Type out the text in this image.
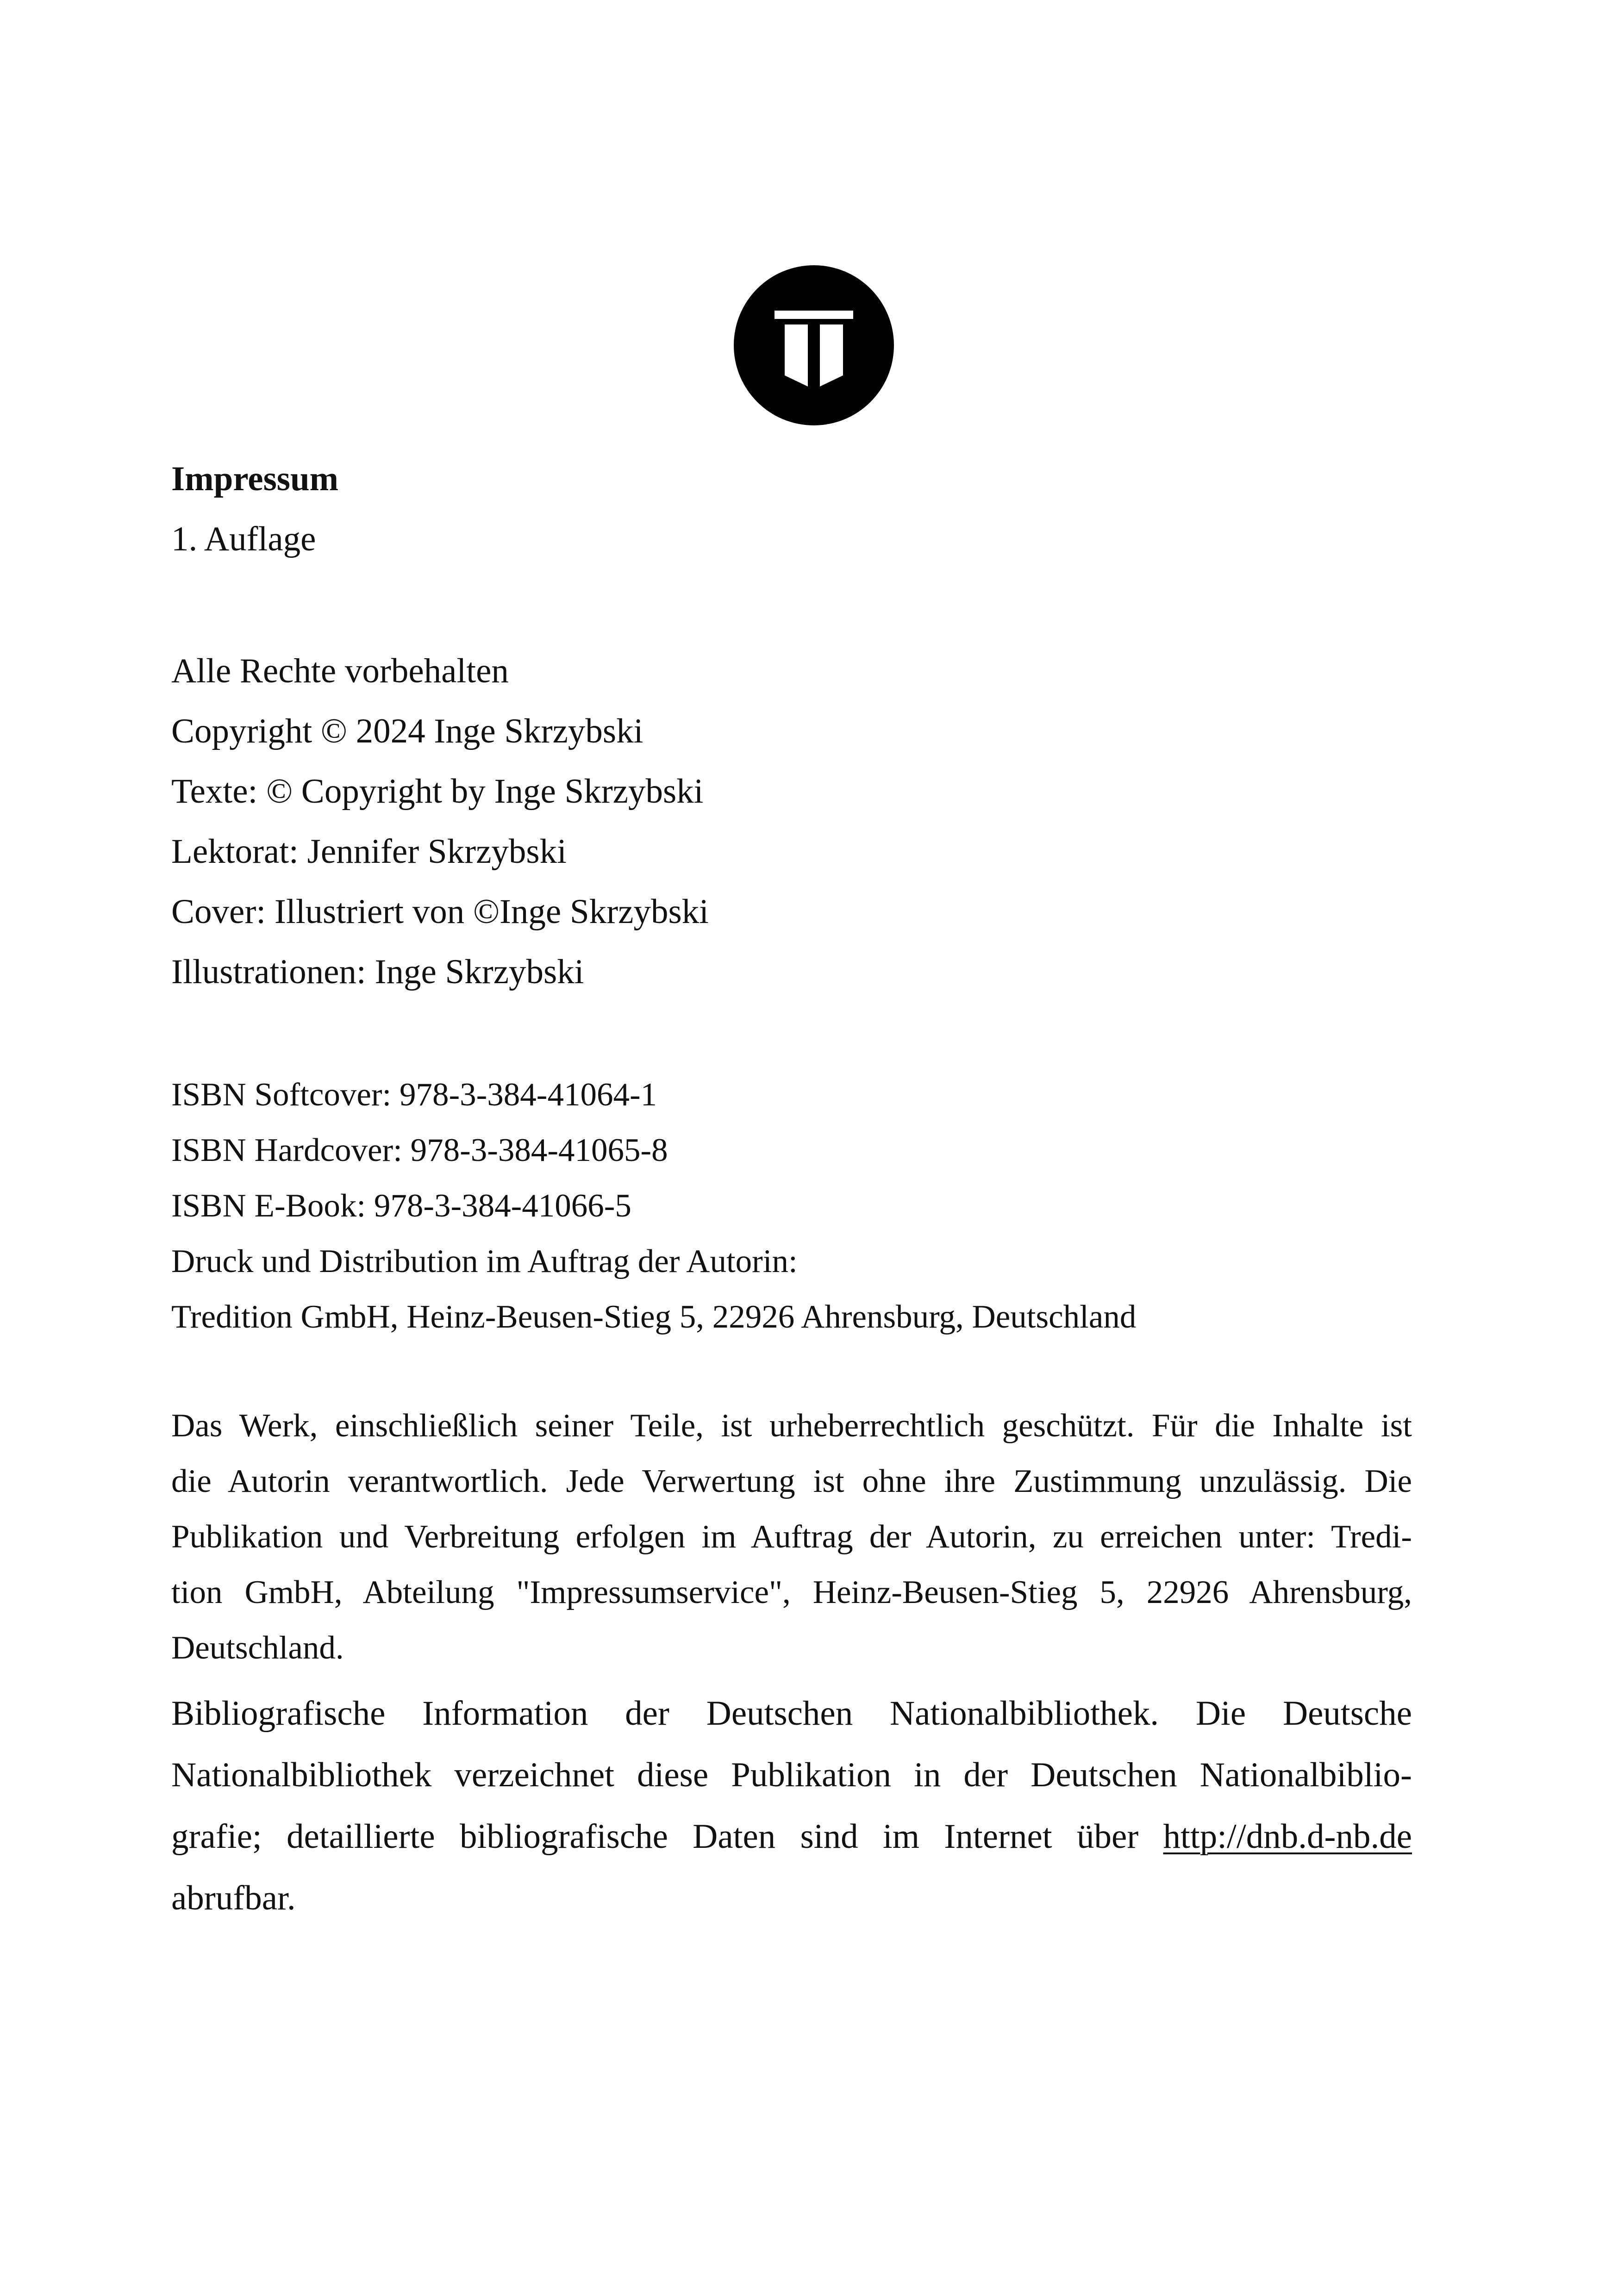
Impressum
1. Auflage
Alle Rechte vorbehalten
Copyright © 2024 Inge Skrzybski
Texte: © Copyright by Inge Skrzybski
Lektorat: Jennifer Skrzybski
Cover: Illustriert von ©Inge Skrzybski
Illustrationen: Inge Skrzybski
ISBN Softcover: 978-3-384-41064-1
ISBN Hardcover: 978-3-384-41065-8
ISBN E-Book: 978-3-384-41066-5
Druck und Distribution im Auftrag der Autorin:
Tredition GmbH, Heinz-Beusen-Stieg 5, 22926 Ahrensburg, Deutschland
Das Werk, einschließlich seiner Teile, ist urheberrechtlich geschützt. Für die Inhalte ist
die Autorin verantwortlich. Jede Verwertung ist ohne ihre Zustimmung unzulässig. Die
Publikation und Verbreitung erfolgen im Auftrag der Autorin, zu erreichen unter: Tredi-
tion GmbH, Abteilung "Impressumservice", Heinz-Beusen-Stieg 5, 22926 Ahrensburg,
Deutschland.
Bibliografische Information der Deutschen Nationalbibliothek. Die Deutsche
Nationalbibliothek verzeichnet diese Publikation in der Deutschen Nationalbiblio-
grafie; detaillierte bibliografische Daten sind im Internet über http://dnb.d-nb.de
abrufbar.
